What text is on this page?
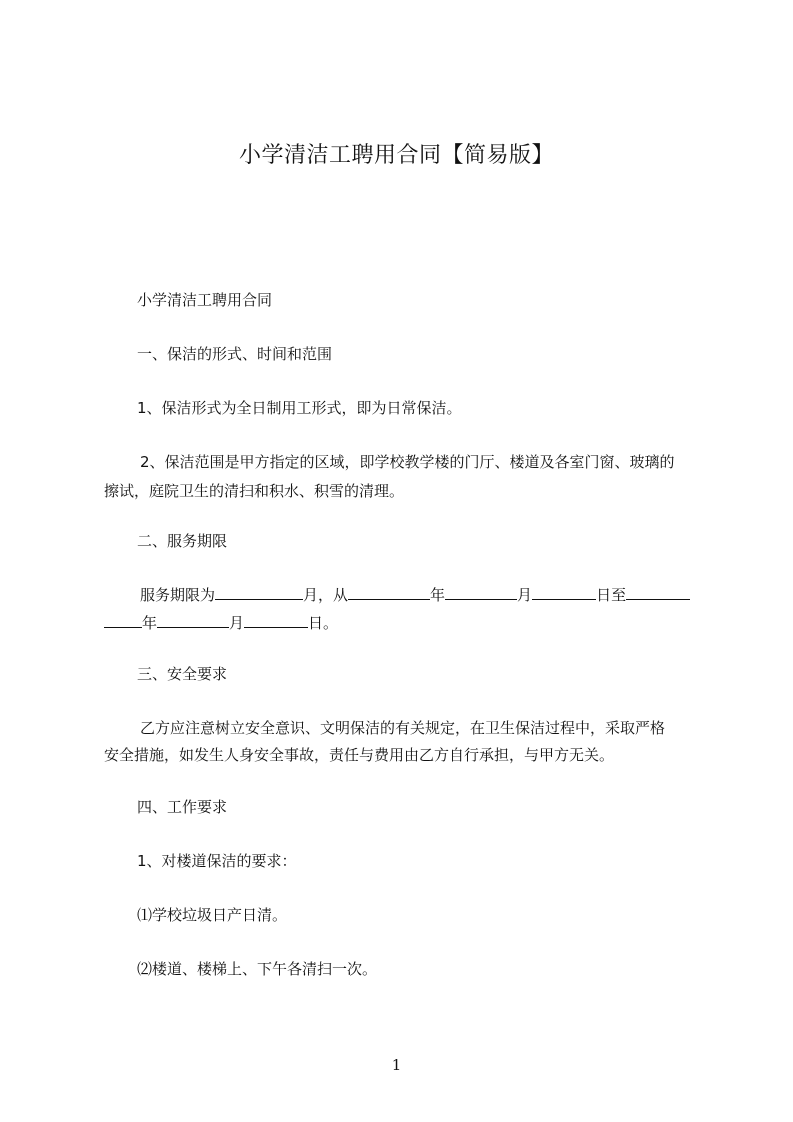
小学清洁工聘用合同【简易版】
小学清洁工聘用合同
一、保洁的形式、时间和范围
1、保洁形式为全日制用工形式，即为日常保洁。
2、保洁范围是甲方指定的区域，即学校教学楼的门厅、楼道及各室门窗、玻璃的
擦试，庭院卫生的清扫和积水、积雪的清理。
二、服务期限
服务期限为	月，从	年	月	日至
年	月	日。
三、安全要求
乙方应注意树立安全意识、文明保洁的有关规定，在卫生保洁过程中，采取严格
安全措施，如发生人身安全事故，责任与费用由乙方自行承担，与甲方无关。
四、工作要求
1、对楼道保洁的要求：
⑴学校垃圾日产日清。
⑵楼道、楼梯上、下午各清扫一次。
1
